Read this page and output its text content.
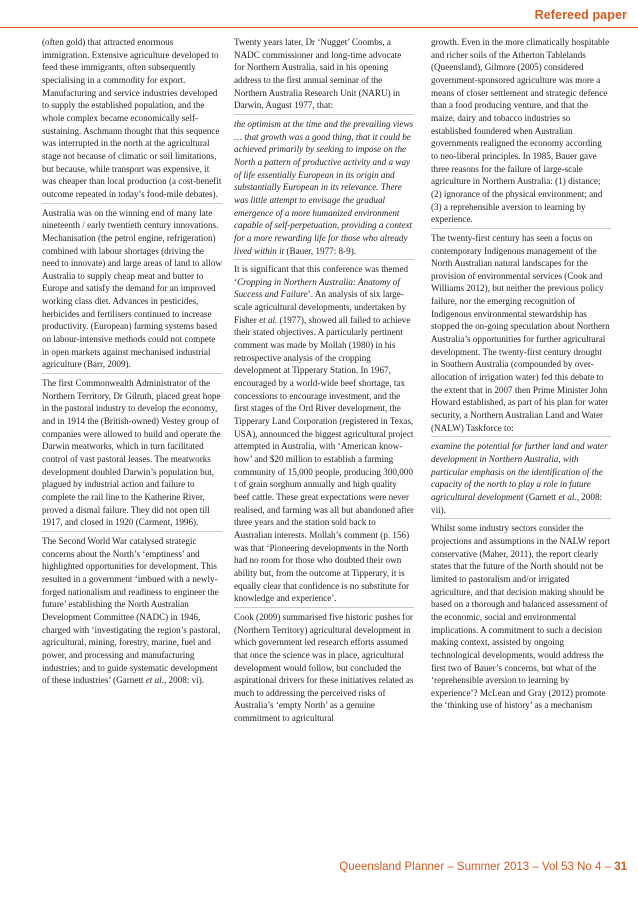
Refereed paper

(often gold) that attracted enormous immigration. Extensive agriculture developed to feed these immigrants, often subsequently specialising in a commodity for export. Manufacturing and service industries developed to supply the established population, and the whole complex became economically self-sustaining. Aschmann thought that this sequence was interrupted in the north at the agricultural stage not because of climatic or soil limitations, but because, while transport was expensive, it was cheaper than local production (a cost-benefit outcome repeated in today’s food-mile debates).

Australia was on the winning end of many late nineteenth / early twentieth century innovations. Mechanisation (the petrol engine, refrigeration) combined with labour shortages (driving the need to innovate) and large areas of land to allow Australia to supply cheap meat and butter to Europe and satisfy the demand for an improved working class diet. Advances in pesticides, herbicides and fertilisers continued to increase productivity. (European) farming systems based on labour-intensive methods could not compete in open markets against mechanised industrial agriculture (Barr, 2009).

The first Commonwealth Administrator of the Northern Territory, Dr Gilruth, placed great hope in the pastoral industry to develop the economy, and in 1914 the (British-owned) Vestey group of companies were allowed to build and operate the Darwin meatworks, which in turn facilitated control of vast pastoral leases. The meatworks development doubled Darwin’s population but, plagued by industrial action and failure to complete the rail line to the Katherine River, proved a dismal failure. They did not open till 1917, and closed in 1920 (Carment, 1996).

The Second World War catalysed strategic concerns about the North’s ‘emptiness’ and highlighted opportunities for development. This resulted in a government ‘imbued with a newly-forged nationalism and readiness to engineer the future’ establishing the North Australian Development Committee (NADC) in 1946, charged with ‘investigating the region’s pastoral, agricultural, mining, forestry, marine, fuel and power, and processing and manufacturing industries; and to guide systematic development of these industries’ (Garnett et al., 2008: vi).

Twenty years later, Dr ‘Nugget’ Coombs, a NADC commissioner and long-time advocate for Northern Australia, said in his opening address to the first annual seminar of the Northern Australia Research Unit (NARU) in Darwin, August 1977, that:

the optimism at the time and the prevailing views … that growth was a good thing, that it could be achieved primarily by seeking to impose on the North a pattern of productive activity and a way of life essentially European in its origin and substantially European in its relevance. There was little attempt to envisage the gradual emergence of a more humanized environment capable of self-perpetuation, providing a context for a more rewarding life for those who already lived within it (Bauer, 1977: 8-9).

It is significant that this conference was themed ‘Cropping in Northern Australia: Anatomy of Success and Failure’. An analysis of six large-scale agricultural developments, undertaken by Fisher et al. (1977), showed all failed to achieve their stated objectives. A particularly pertinent comment was made by Mollah (1980) in his retrospective analysis of the cropping development at Tipperary Station. In 1967, encouraged by a world-wide beef shortage, tax concessions to encourage investment, and the first stages of the Ord River development, the Tipperary Land Corporation (registered in Texas, USA), announced the biggest agricultural project attempted in Australia, with ‘American know-how’ and $20 million to establish a farming community of 15,000 people, producing 300,000 t of grain sorghum annually and high quality beef cattle. These great expectations were never realised, and farming was all but abandoned after three years and the station sold back to Australian interests. Mollah’s comment (p. 156) was that ‘Pioneering developments in the North had no room for those who doubted their own ability but, from the outcome at Tipperary, it is equally clear that confidence is no substitute for knowledge and experience’.

Cook (2009) summarised five historic pushes for (Northern Territory) agricultural development in which government led research efforts assumed that once the science was in place, agricultural development would follow, but concluded the aspirational drivers for these initiatives related as much to addressing the perceived risks of Australia’s ‘empty North’ as a genuine commitment to agricultural

growth. Even in the more climatically hospitable and richer soils of the Atherton Tablelands (Queensland), Gilmore (2005) considered government-sponsored agriculture was more a means of closer settlement and strategic defence than a food producing venture, and that the maize, dairy and tobacco industries so established foundered when Australian governments realigned the economy according to neo-liberal principles. In 1985, Bauer gave three reasons for the failure of large-scale agriculture in Northern Australia: (1) distance; (2) ignorance of the physical environment; and (3) a reprehensible aversion to learning by experience.

The twenty-first century has seen a focus on contemporary Indigenous management of the North Australian natural landscapes for the provision of environmental services (Cook and Williams 2012), but neither the previous policy failure, nor the emerging recognition of Indigenous environmental stewardship has stopped the on-going speculation about Northern Australia’s opportunities for further agricultural development. The twenty-first century drought in Southern Australia (compounded by over-allocation of irrigation water) fed this debate to the extent that in 2007 then Prime Minister John Howard established, as part of his plan for water security, a Northern Australian Land and Water (NALW) Taskforce to:

examine the potential for further land and water development in Northern Australia, with particular emphasis on the identification of the capacity of the north to play a role in future agricultural development (Garnett et al., 2008: vii).

Whilst some industry sectors consider the projections and assumptions in the NALW report conservative (Maher, 2011), the report clearly states that the future of the North should not be limited to pastoralism and/or irrigated agriculture, and that decision making should be based on a thorough and balanced assessment of the economic, social and environmental implications. A commitment to such a decision making context, assisted by ongoing technological developments, would address the first two of Bauer’s concerns, but what of the ‘reprehensible aversion to learning by experience’? McLean and Gray (2012) promote the ‘thinking use of history’ as a mechanism

Queensland Planner – Summer 2013 – Vol 53 No 4 – 31
